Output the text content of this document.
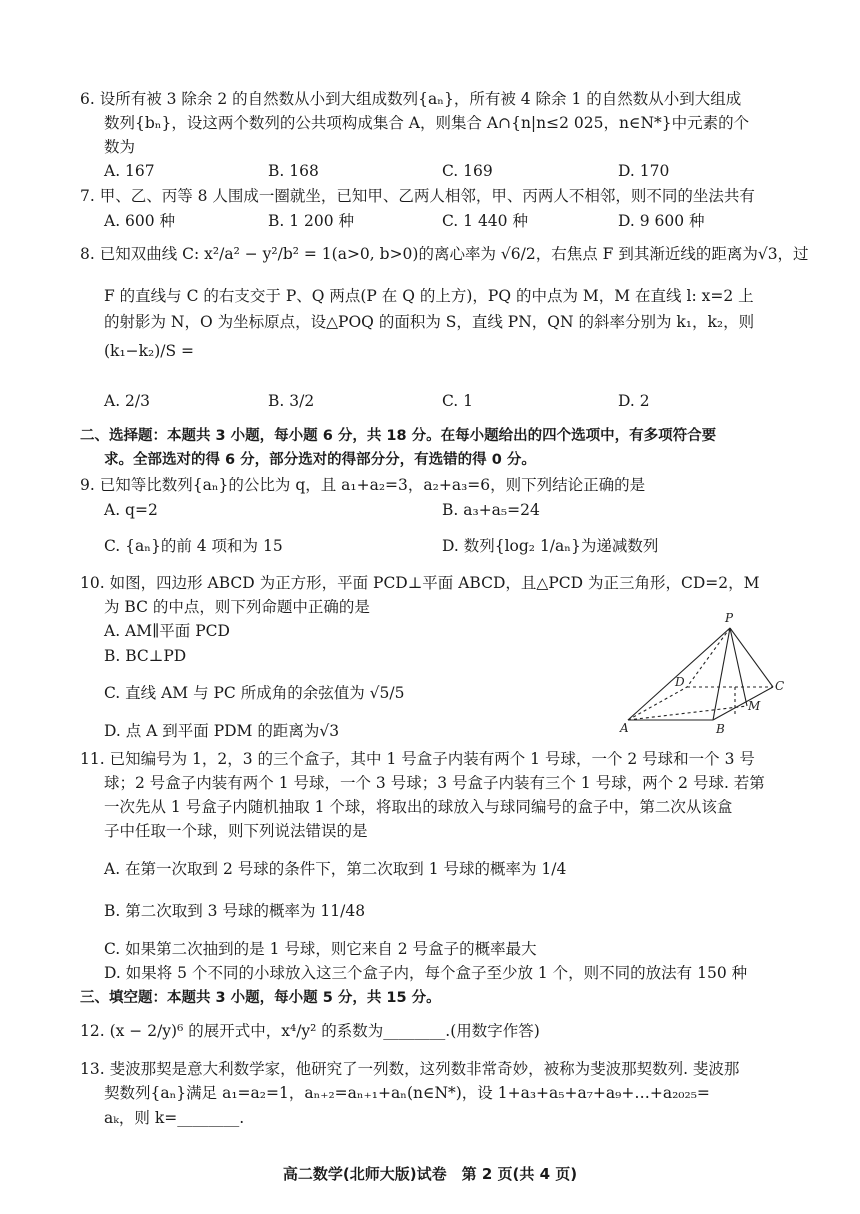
6. 设所有被 3 除余 2 的自然数从小到大组成数列{aₙ}，所有被 4 除余 1 的自然数从小到大组成
数列{bₙ}，设这两个数列的公共项构成集合 A，则集合 A∩{n|n≤2 025，n∈N*}中元素的个
数为
A. 167	B. 168	C. 169	D. 170
7. 甲、乙、丙等 8 人围成一圈就坐，已知甲、乙两人相邻，甲、丙两人不相邻，则不同的坐法共有
A. 600 种	B. 1 200 种	C. 1 440 种	D. 9 600 种
8. 已知双曲线 C: x²/a² − y²/b² = 1(a>0, b>0)的离心率为 √6/2，右焦点 F 到其渐近线的距离为√3，过
F 的直线与 C 的右支交于 P、Q 两点(P 在 Q 的上方)，PQ 的中点为 M，M 在直线 l: x=2 上
的射影为 N，O 为坐标原点，设△POQ 的面积为 S，直线 PN，QN 的斜率分别为 k₁，k₂，则
(k₁−k₂)/S =
A. 2/3	B. 3/2	C. 1	D. 2
二、选择题：本题共 3 小题，每小题 6 分，共 18 分。在每小题给出的四个选项中，有多项符合要
求。全部选对的得 6 分，部分选对的得部分分，有选错的得 0 分。
9. 已知等比数列{aₙ}的公比为 q，且 a₁+a₂=3，a₂+a₃=6，则下列结论正确的是
A. q=2	B. a₃+a₅=24
C. {aₙ}的前 4 项和为 15	D. 数列{log₂ 1/aₙ}为递减数列
10. 如图，四边形 ABCD 为正方形，平面 PCD⊥平面 ABCD，且△PCD 为正三角形，CD=2，M
为 BC 的中点，则下列命题中正确的是
A. AM∥平面 PCD
B. BC⊥PD
C. 直线 AM 与 PC 所成角的余弦值为 √5/5
D. 点 A 到平面 PDM 的距离为√3
P
D	C
A	B
M
11. 已知编号为 1，2，3 的三个盒子，其中 1 号盒子内装有两个 1 号球，一个 2 号球和一个 3 号
球；2 号盒子内装有两个 1 号球，一个 3 号球；3 号盒子内装有三个 1 号球，两个 2 号球. 若第
一次先从 1 号盒子内随机抽取 1 个球，将取出的球放入与球同编号的盒子中，第二次从该盒
子中任取一个球，则下列说法错误的是
A. 在第一次取到 2 号球的条件下，第二次取到 1 号球的概率为 1/4
B. 第二次取到 3 号球的概率为 11/48
C. 如果第二次抽到的是 1 号球，则它来自 2 号盒子的概率最大
D. 如果将 5 个不同的小球放入这三个盒子内，每个盒子至少放 1 个，则不同的放法有 150 种
三、填空题：本题共 3 小题，每小题 5 分，共 15 分。
12. (x − 2/y)⁶ 的展开式中，x⁴/y² 的系数为________.(用数字作答)
13. 斐波那契是意大利数学家，他研究了一列数，这列数非常奇妙，被称为斐波那契数列. 斐波那
契数列{aₙ}满足 a₁=a₂=1，aₙ₊₂=aₙ₊₁+aₙ(n∈N*)，设 1+a₃+a₅+a₇+a₉+…+a₂₀₂₅=
aₖ，则 k=________.
高二数学(北师大版)试卷　第 2 页(共 4 页)
